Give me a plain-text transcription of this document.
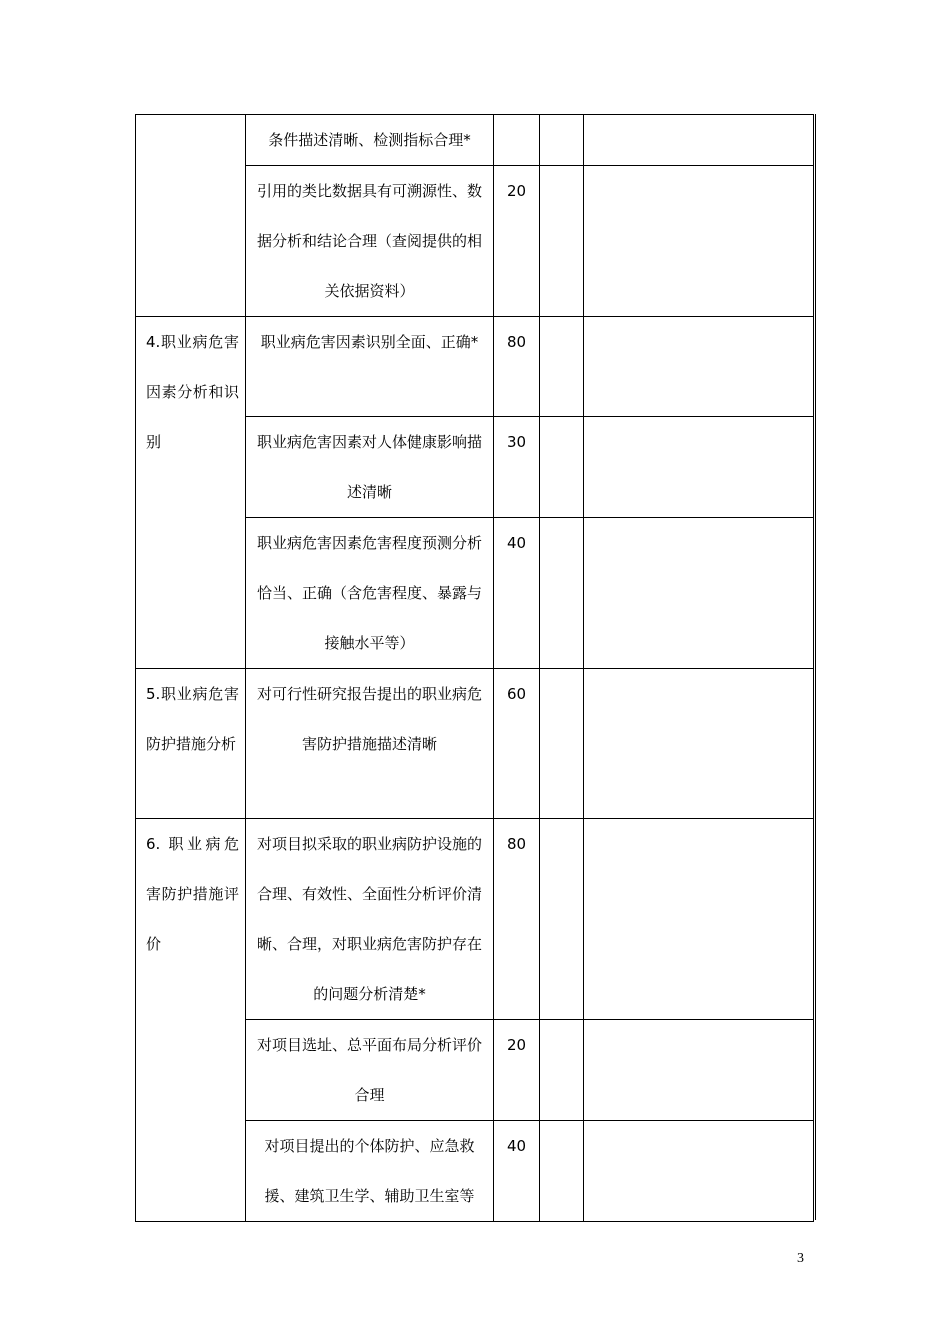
	条件描述清晰、检测指标合理*			
	引用的类比数据具有可溯源性、数据分析和结论合理（查阅提供的相关依据资料）	20		
4.职业病危害因素分析和识别	职业病危害因素识别全面、正确*	80		
	职业病危害因素对人体健康影响描述清晰	30		
	职业病危害因素危害程度预测分析恰当、正确（含危害程度、暴露与接触水平等）	40		
5.职业病危害防护措施分析	对可行性研究报告提出的职业病危害防护措施描述清晰	60		
6. 职业病危害防护措施评价	对项目拟采取的职业病防护设施的合理、有效性、全面性分析评价清晰、合理，对职业病危害防护存在的问题分析清楚*	80		
	对项目选址、总平面布局分析评价合理	20		
	对项目提出的个体防护、应急救援、建筑卫生学、辅助卫生室等	40		
3
